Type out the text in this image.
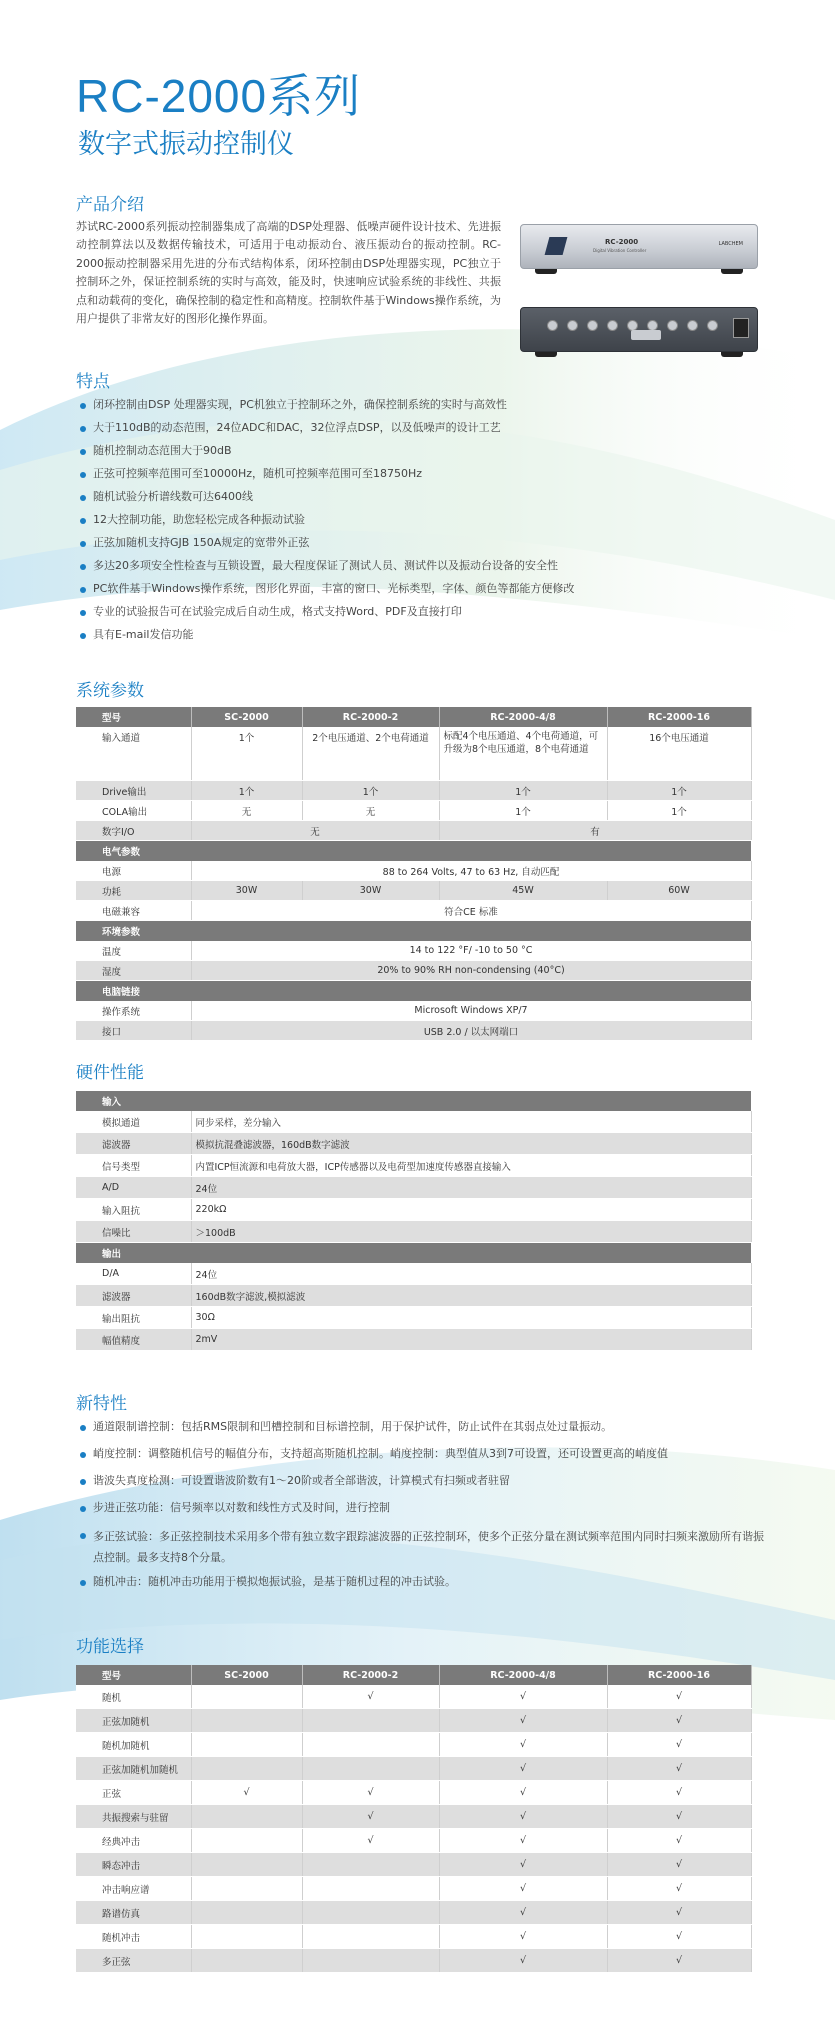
RC-2000系列
数字式振动控制仪
产品介绍
苏试RC-2000系列振动控制器集成了高端的DSP处理器、低噪声硬件设计技术、先进振动控制算法以及数据传输技术，可适用于电动振动台、液压振动台的振动控制。RC-2000振动控制器采用先进的分布式结构体系，闭环控制由DSP处理器实现，PC独立于控制环之外，保证控制系统的实时与高效，能及时，快速响应试验系统的非线性、共振点和动载荷的变化，确保控制的稳定性和高精度。控制软件基于Windows操作系统，为用户提供了非常友好的图形化操作界面。
RC-2000
Digital Vibration Controller
LABCHEM
特点
闭环控制由DSP 处理器实现，PC机独立于控制环之外，确保控制系统的实时与高效性
大于110dB的动态范围，24位ADC和DAC，32位浮点DSP，以及低噪声的设计工艺
随机控制动态范围大于90dB
正弦可控频率范围可至10000Hz，随机可控频率范围可至18750Hz
随机试验分析谱线数可达6400线
12大控制功能，助您轻松完成各种振动试验
正弦加随机支持GJB 150A规定的宽带外正弦
多达20多项安全性检查与互锁设置，最大程度保证了测试人员、测试件以及振动台设备的安全性
PC软件基于Windows操作系统，图形化界面，丰富的窗口、光标类型，字体、颜色等都能方便修改
专业的试验报告可在试验完成后自动生成，格式支持Word、PDF及直接打印
具有E-mail发信功能
系统参数
型号	SC-2000	RC-2000-2	RC-2000-4/8	RC-2000-16
输入通道	1个	2个电压通道、2个电荷通道	标配4个电压通道、4个电荷通道，可升级为8个电压通道，8个电荷通道	16个电压通道
Drive输出	1个	1个	1个	1个
COLA输出	无	无	1个	1个
数字I/O	无		有	
电气参数				
电源	88 to 264 Volts, 47 to 63 Hz, 自动匹配			
功耗	30W	30W	45W	60W
电磁兼容	符合CE 标准			
环境参数				
温度	14 to 122 °F/ -10 to 50 °C			
湿度	20% to 90% RH non-condensing (40°C)			
电脑链接				
操作系统	Microsoft Windows XP/7			
接口	USB 2.0 / 以太网端口			
硬件性能
输入	
模拟通道	同步采样，差分输入
滤波器	模拟抗混叠滤波器，160dB数字滤波
信号类型	内置ICP恒流源和电荷放大器，ICP传感器以及电荷型加速度传感器直接输入
A/D	24位
输入阻抗	220kΩ
信噪比	＞100dB
输出	
D/A	24位
滤波器	160dB数字滤波,模拟滤波
输出阻抗	30Ω
幅值精度	2mV
新特性
通道限制谱控制：包括RMS限制和凹槽控制和目标谱控制，用于保护试件，防止试件在其弱点处过量振动。
峭度控制：调整随机信号的幅值分布，支持超高斯随机控制。峭度控制：典型值从3到7可设置，还可设置更高的峭度值
谐波失真度检测：可设置谐波阶数有1～20阶或者全部谐波，计算模式有扫频或者驻留
步进正弦功能：信号频率以对数和线性方式及时间，进行控制
多正弦试验：多正弦控制技术采用多个带有独立数字跟踪滤波器的正弦控制环，使多个正弦分量在测试频率范围内同时扫频来激励所有谐振点控制。最多支持8个分量。
随机冲击：随机冲击功能用于模拟炮振试验，是基于随机过程的冲击试验。
功能选择
型号	SC-2000	RC-2000-2	RC-2000-4/8	RC-2000-16
随机		√	√	√
正弦加随机			√	√
随机加随机			√	√
正弦加随机加随机			√	√
正弦	√	√	√	√
共振搜索与驻留		√	√	√
经典冲击		√	√	√
瞬态冲击			√	√
冲击响应谱			√	√
路谱仿真			√	√
随机冲击			√	√
多正弦			√	√
